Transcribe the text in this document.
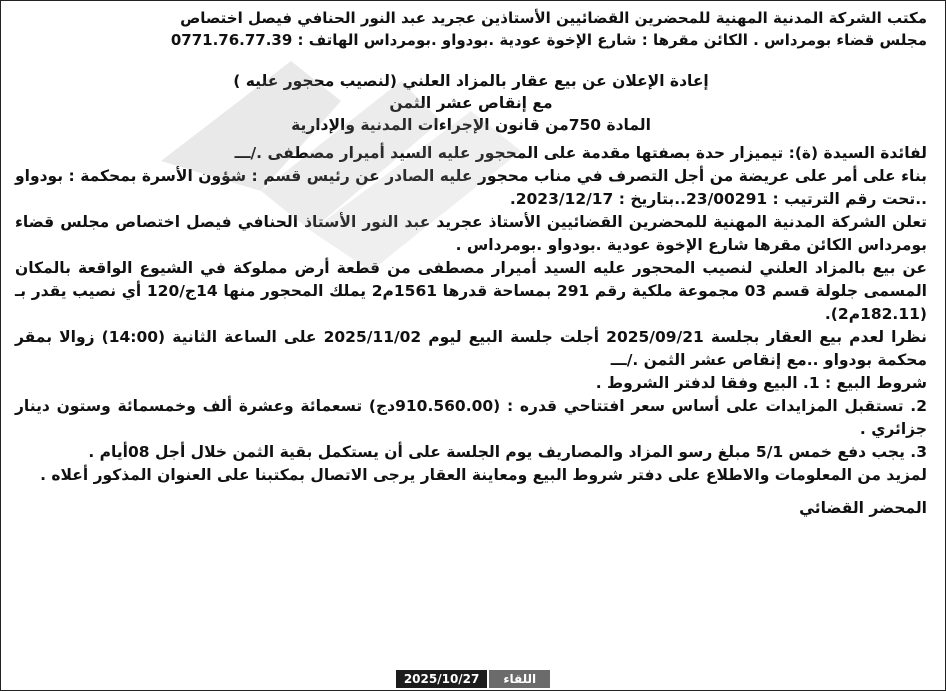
مكتب الشركة المدنية المهنية للمحضرين القضائيين الأستاذين عجريد عبد النور الحنافي فيصل اختصاص

مجلس قضاء بومرداس . الكائن مقرها : شارع الإخوة عودية .بودواو .بومرداس الهاتف : 0771.76.77.39

إعادة الإعلان عن بيع عقار بالمزاد العلني (لنصيب محجور عليه )

مع إنقاص عشر الثمن

المادة 750من قانون الإجراءات المدنية والإدارية

لفائدة السيدة (ة): تيميزار حدة بصفتها مقدمة على المحجور عليه السيد أميرار مصطفى ./ـــ

بناء على أمر على عريضة من أجل التصرف في مناب محجور عليه الصادر عن رئيس قسم : شؤون الأسرة بمحكمة : بودواو ..تحت رقم الترتيب : 23/00291..بتاريخ : 2023/12/17.

تعلن الشركة المدنية المهنية للمحضرين القضائيين الأستاذ عجريد عبد النور الأستاذ الحنافي فيصل اختصاص مجلس قضاء بومرداس الكائن مقرها شارع الإخوة عودية .بودواو .بومرداس .

عن بيع بالمزاد العلني لنصيب المحجور عليه السيد أميرار مصطفى من قطعة أرض مملوكة في الشيوع الواقعة بالمكان المسمى جلولة قسم 03 مجموعة ملكية رقم 291 بمساحة قدرها 1561م2 يملك المحجور منها 14ج/120 أي نصيب يقدر بـ (182.11م2).

نظرا لعدم بيع العقار بجلسة 2025/09/21 أجلت جلسة البيع ليوم 2025/11/02 على الساعة الثانية (14:00) زوالا بمقر محكمة بودواو ..مع إنقاص عشر الثمن ./ـــ

شروط البيع : 1. البيع وفقا لدفتر الشروط .

2. تستقبل المزايدات على أساس سعر افتتاحي قدره : (910.560.00دج) تسعمائة وعشرة ألف وخمسمائة وستون دينار جزائري .

3. يجب دفع خمس 5/1 مبلغ رسو المزاد والمصاريف يوم الجلسة على أن يستكمل بقية الثمن خلال أجل 08أيام .

لمزيد من المعلومات والاطلاع على دفتر شروط البيع ومعاينة العقار يرجى الاتصال بمكتبنا على العنوان المذكور أعلاه .

المحضر القضائي

2025/10/27	اللقاء
